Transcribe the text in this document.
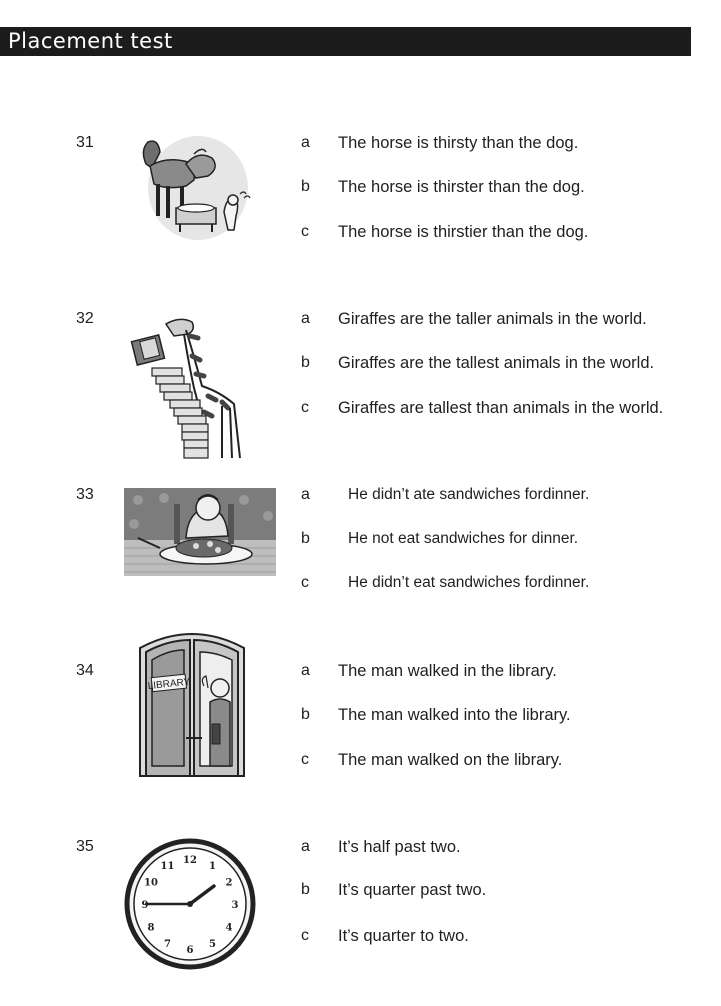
Placement test
31	a The horse is thirsty than the dog.
b The horse is thirster than the dog.
c The horse is thirstier than the dog.
32	a Giraffes are the taller animals in the world.
b Giraffes are the tallest animals in the world.
c Giraffes are tallest than animals in the world.
33	a He didn’t ate sandwiches fordinner.
b He not eat sandwiches for dinner.
c	He didn’t eat sandwiches fordinner.
34
LIBRARY
a The man walked in the library.
b The man walked into the library.
c The man walked on the library.
35
12
1
2
3
4
5
6
7
8
9
10
11
a It’s half past two.
b It’s quarter past two.
c It’s quarter to two.
